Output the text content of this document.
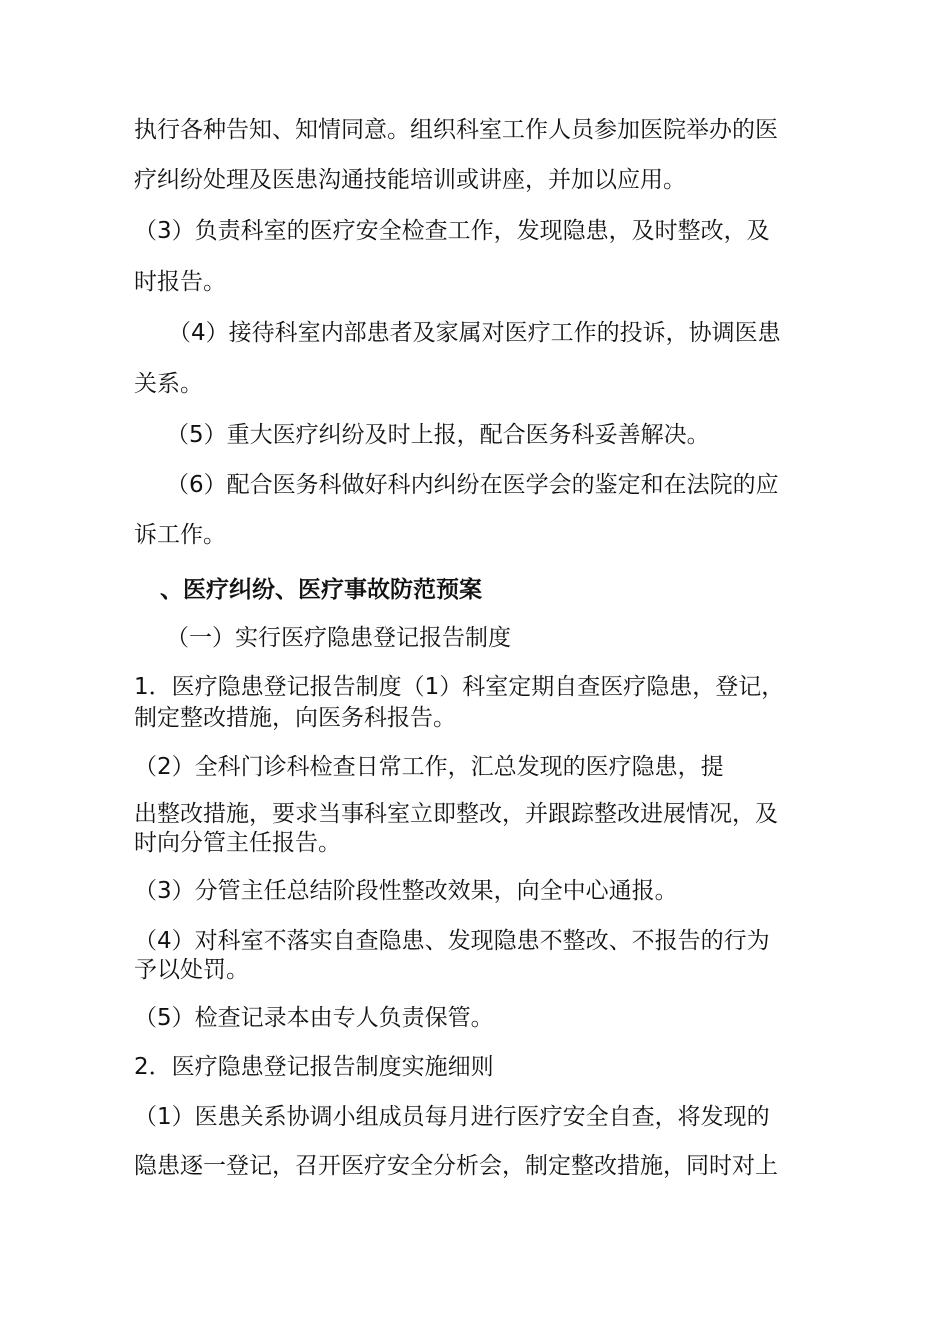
执行各种告知、知情同意。组织科室工作人员参加医院举办的医
疗纠纷处理及医患沟通技能培训或讲座，并加以应用。
（3）负责科室的医疗安全检查工作，发现隐患，及时整改，及
时报告。
（4）接待科室内部患者及家属对医疗工作的投诉，协调医患
关系。
（5）重大医疗纠纷及时上报，配合医务科妥善解决。
（6）配合医务科做好科内纠纷在医学会的鉴定和在法院的应
诉工作。
、医疗纠纷、医疗事故防范预案
（一）实行医疗隐患登记报告制度
1．医疗隐患登记报告制度（1）科室定期自查医疗隐患，登记，
制定整改措施，向医务科报告。
（2）全科门诊科检查日常工作，汇总发现的医疗隐患，提
出整改措施，要求当事科室立即整改，并跟踪整改进展情况，及
时向分管主任报告。
（3）分管主任总结阶段性整改效果，向全中心通报。
（4）对科室不落实自查隐患、发现隐患不整改、不报告的行为
予以处罚。
（5）检查记录本由专人负责保管。
2．医疗隐患登记报告制度实施细则
（1）医患关系协调小组成员每月进行医疗安全自查，将发现的
隐患逐一登记，召开医疗安全分析会，制定整改措施，同时对上
